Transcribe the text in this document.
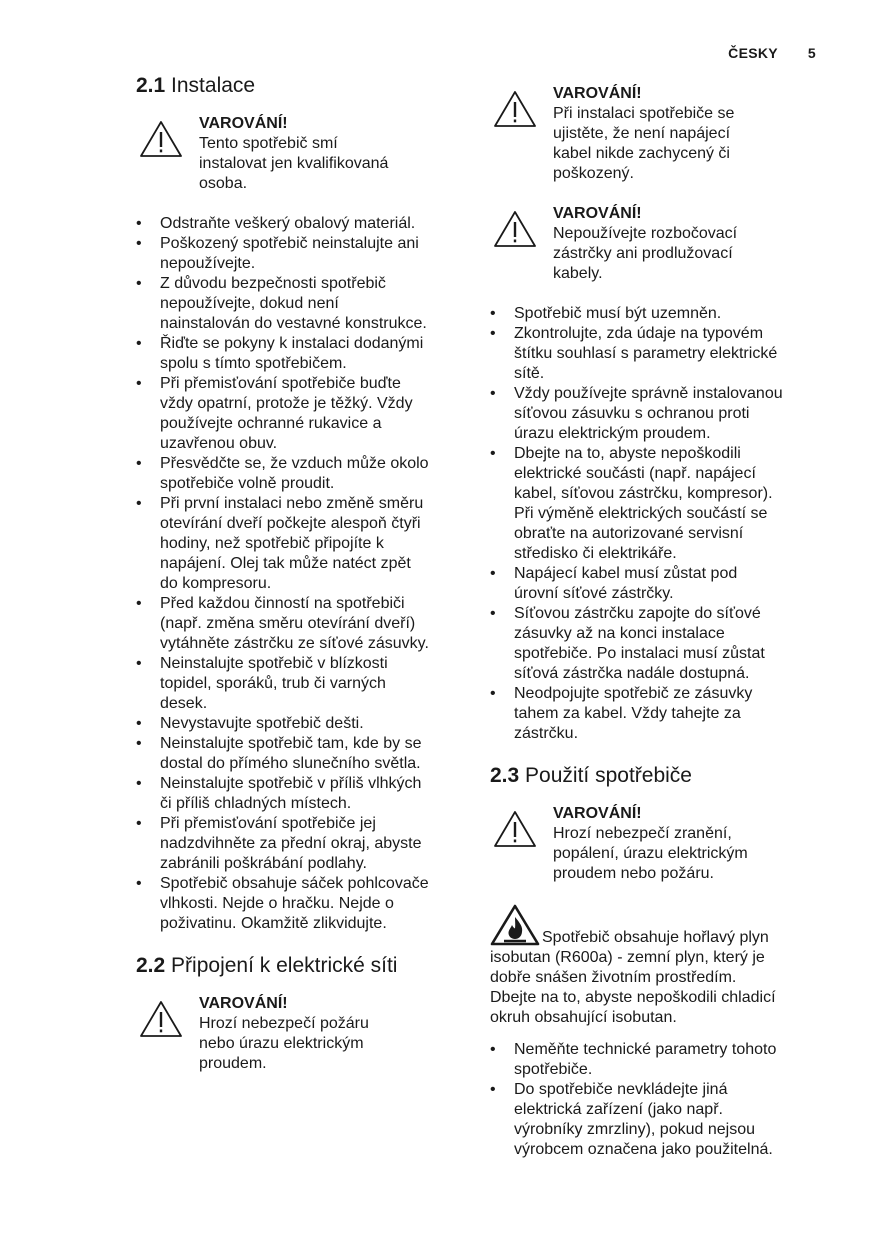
ČESKY 5
2.1 Instalace
VAROVÁNÍ!
Tento spotřebič smí
instalovat jen kvalifikovaná
osoba.
• Odstraňte veškerý obalový materiál.
• Poškozený spotřebič neinstalujte ani
nepoužívejte.
• Z důvodu bezpečnosti spotřebič
nepoužívejte, dokud není
nainstalován do vestavné konstrukce.
• Řiďte se pokyny k instalaci dodanými
spolu s tímto spotřebičem.
• Při přemisťování spotřebiče buďte
vždy opatrní, protože je těžký. Vždy
používejte ochranné rukavice a
uzavřenou obuv.
• Přesvědčte se, že vzduch může okolo
spotřebiče volně proudit.
• Při první instalaci nebo změně směru
otevírání dveří počkejte alespoň čtyři
hodiny, než spotřebič připojíte k
napájení. Olej tak může natéct zpět
do kompresoru.
• Před každou činností na spotřebiči
(např. změna směru otevírání dveří)
vytáhněte zástrčku ze síťové zásuvky.
• Neinstalujte spotřebič v blízkosti
topidel, sporáků, trub či varných
desek.
• Nevystavujte spotřebič dešti.
• Neinstalujte spotřebič tam, kde by se
dostal do přímého slunečního světla.
• Neinstalujte spotřebič v příliš vlhkých
či příliš chladných místech.
• Při přemisťování spotřebiče jej
nadzdvihněte za přední okraj, abyste
zabránili poškrábání podlahy.
• Spotřebič obsahuje sáček pohlcovače
vlhkosti. Nejde o hračku. Nejde o
poživatinu. Okamžitě zlikvidujte.
2.2 Připojení k elektrické síti
VAROVÁNÍ!
Hrozí nebezpečí požáru
nebo úrazu elektrickým
proudem.
VAROVÁNÍ!
Při instalaci spotřebiče se
ujistěte, že není napájecí
kabel nikde zachycený či
poškozený.
VAROVÁNÍ!
Nepoužívejte rozbočovací
zástrčky ani prodlužovací
kabely.
• Spotřebič musí být uzemněn.
• Zkontrolujte, zda údaje na typovém
štítku souhlasí s parametry elektrické
sítě.
• Vždy používejte správně instalovanou
síťovou zásuvku s ochranou proti
úrazu elektrickým proudem.
• Dbejte na to, abyste nepoškodili
elektrické součásti (např. napájecí
kabel, síťovou zástrčku, kompresor).
Při výměně elektrických součástí se
obraťte na autorizované servisní
středisko či elektrikáře.
• Napájecí kabel musí zůstat pod
úrovní síťové zástrčky.
• Síťovou zástrčku zapojte do síťové
zásuvky až na konci instalace
spotřebiče. Po instalaci musí zůstat
síťová zástrčka nadále dostupná.
• Neodpojujte spotřebič ze zásuvky
tahem za kabel. Vždy tahejte za
zástrčku.
2.3 Použití spotřebiče
VAROVÁNÍ!
Hrozí nebezpečí zranění,
popálení, úrazu elektrickým
proudem nebo požáru.
Spotřebič obsahuje hořlavý plyn
isobutan (R600a) - zemní plyn, který je
dobře snášen životním prostředím.
Dbejte na to, abyste nepoškodili chladicí
okruh obsahující isobutan.
• Neměňte technické parametry tohoto
spotřebiče.
• Do spotřebiče nevkládejte jiná
elektrická zařízení (jako např.
výrobníky zmrzliny), pokud nejsou
výrobcem označena jako použitelná.
